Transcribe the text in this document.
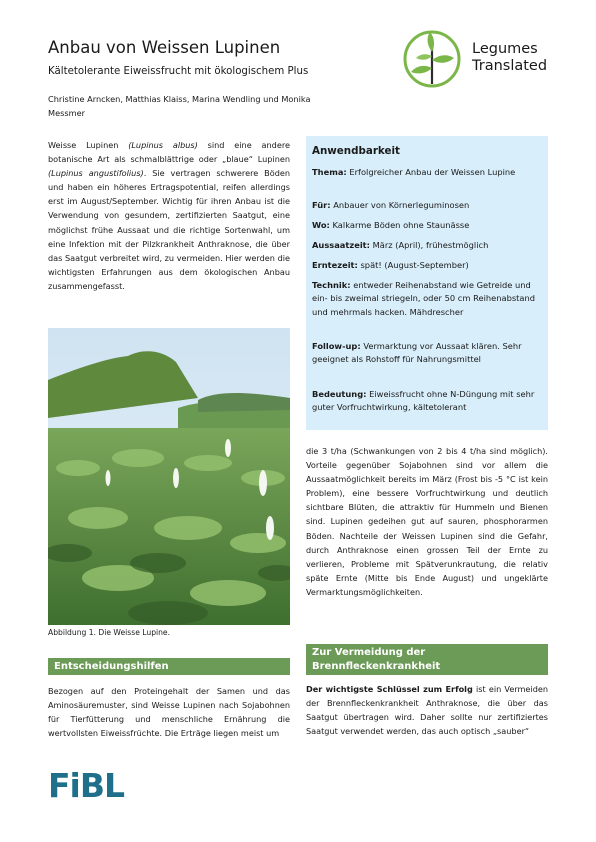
Anbau von Weissen Lupinen
Kältetolerante Eiweissfrucht mit ökologischem Plus
Christine Arncken, Matthias Klaiss, Marina Wendling und Monika Messmer
Legumes
Translated
Weisse Lupinen (Lupinus albus) sind eine andere botanische Art als schmalblättrige oder „blaue“ Lupinen (Lupinus angustifolius). Sie vertragen schwerere Böden und haben ein höheres Ertragspotential, reifen allerdings erst im August/September. Wichtig für ihren Anbau ist die Verwendung von gesundem, zertifizierten Saatgut, eine möglichst frühe Aussaat und die richtige Sortenwahl, um eine Infektion mit der Pilzkrankheit Anthraknose, die über das Saatgut verbreitet wird, zu vermeiden. Hier werden die wichtigsten Erfahrungen aus dem ökologischen Anbau zusammengefasst.
Abbildung 1. Die Weisse Lupine.
Entscheidungshilfen
Bezogen auf den Proteingehalt der Samen und das Aminosäuremuster, sind Weisse Lupinen nach Sojabohnen für Tierfütterung und menschliche Ernährung die wertvollsten Eiweissfrüchte. Die Erträge liegen meist um
Anwendbarkeit
Thema: Erfolgreicher Anbau der Weissen Lupine
Für: Anbauer von Körnerleguminosen
Wo: Kalkarme Böden ohne Staunässe
Aussaatzeit: März (April), frühestmöglich
Erntezeit: spät! (August-September)
Technik: entweder Reihenabstand wie Getreide und ein- bis zweimal striegeln, oder 50 cm Reihenabstand und mehrmals hacken. Mähdrescher
Follow-up: Vermarktung vor Aussaat klären. Sehr geeignet als Rohstoff für Nahrungsmittel
Bedeutung: Eiweissfrucht ohne N-Düngung mit sehr guter Vorfruchtwirkung, kältetolerant
die 3 t/ha (Schwankungen von 2 bis 4 t/ha sind möglich). Vorteile gegenüber Sojabohnen sind vor allem die Aussaatmöglichkeit bereits im März (Frost bis -5 °C ist kein Problem), eine bessere Vorfruchtwirkung und deutlich sichtbare Blüten, die attraktiv für Hummeln und Bienen sind. Lupinen gedeihen gut auf sauren, phosphorarmen Böden. Nachteile der Weissen Lupinen sind die Gefahr, durch Anthraknose einen grossen Teil der Ernte zu verlieren, Probleme mit Spätverunkrautung, die relativ späte Ernte (Mitte bis Ende August) und ungeklärte Vermarktungsmöglichkeiten.
Zur Vermeidung der
Brennfleckenkrankheit
Der wichtigste Schlüssel zum Erfolg ist ein Vermeiden der Brennfleckenkrankheit Anthraknose, die über das Saatgut übertragen wird. Daher sollte nur zertifiziertes Saatgut verwendet werden, das auch optisch „sauber“
FiBL
